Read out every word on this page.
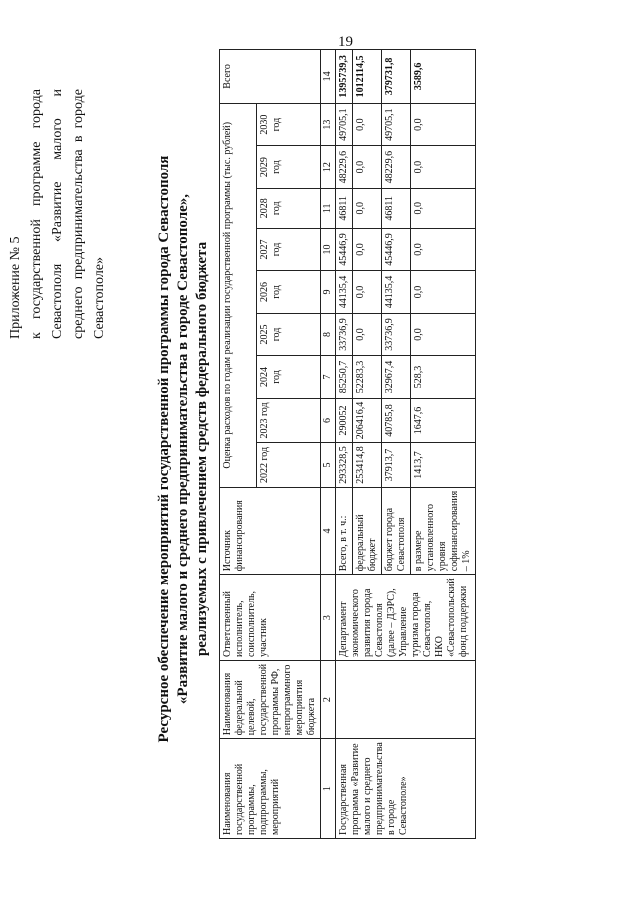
19
Приложение № 5 к государственной программе города Севастополя «Развитие малого и среднего предпринимательства в городе Севастополе»	Ресурсное обеспечение мероприятий государственной программы города Севастополя «Развитие малого и среднего предпринимательства в городе Севастополе», реализуемых с привлечением средств федерального бюджета
Наименования государственной программы, подпрограммы, мероприятий	Наименования федеральной целевой, государственной программы РФ, непрограммного мероприятия бюджета	Ответственный исполнитель, соисполнитель, участник	Источник финансирования	Оценка расходов по годам реализации государственной программы (тыс. рублей)									Всего
				2022 год	2023 год	2024 год	2025 год	2026 год	2027 год	2028 год	2029 год	2030 год	
1	2	3	4	5	6	7	8	9	10	11	12	13	14
Государственная программа «Развитие малого и среднего предпринимательства в городе Севастополе»		Департамент экономического развития города Севастополя (далее – ДЭРС), Управление туризма города Севастополя, НКО «Севастопольский фонд поддержки	Всего, в т. ч.:	293328,5	290052	85250,7	33736,9	44135,4	45446,9	46811	48229,6	49705,1	1395739,3
			федеральный бюджет	253414,8	206416,4	52283,3	0,0	0,0	0,0	0,0	0,0	0,0	1012114,5
			бюджет города Севастополя	37913,7	40785,8	32967,4	33736,9	44135,4	45446,9	46811	48229,6	49705,1	379731,8
			в размере установленного уровня софинансирования – 1%	1413,7	1647,6	528,3	0,0	0,0	0,0	0,0	0,0	0,0	3589,6
